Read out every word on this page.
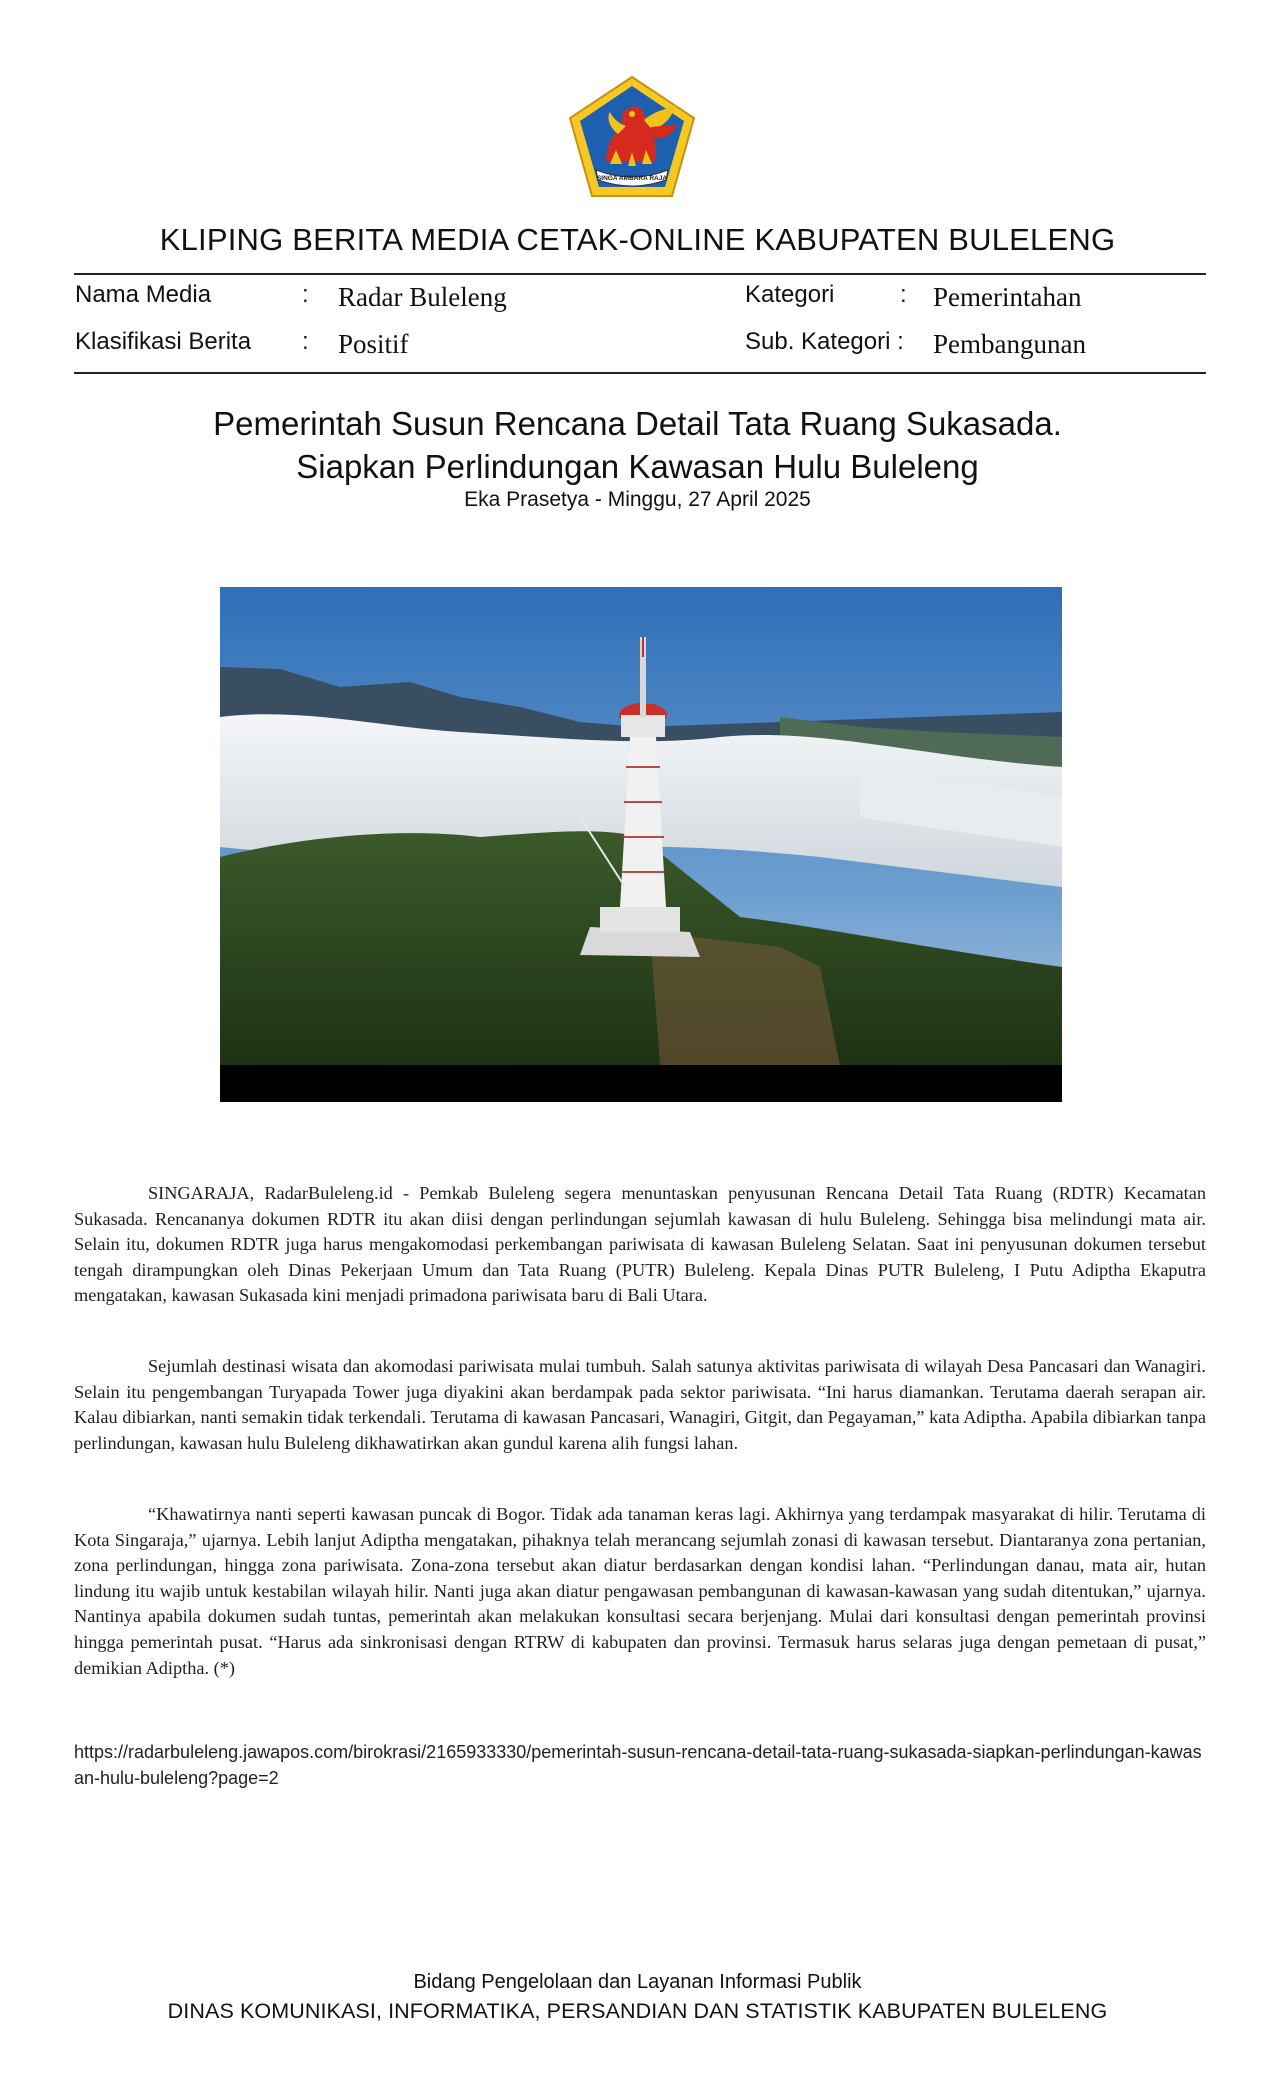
SINGA AMBARA RAJA
KLIPING BERITA MEDIA CETAK-ONLINE KABUPATEN BULELENG
Nama Media	: Radar Buleleng	Kategori	: Pemerintahan
Klasifikasi Berita : Positif	Sub. Kategori : Pembangunan
Pemerintah Susun Rencana Detail Tata Ruang Sukasada.
Siapkan Perlindungan Kawasan Hulu Buleleng
Eka Prasetya - Minggu, 27 April 2025

SINGARAJA, RadarBuleleng.id - Pemkab Buleleng segera menuntaskan penyusunan Rencana Detail Tata Ruang (RDTR) Kecamatan Sukasada. Rencananya dokumen RDTR itu akan diisi dengan perlindungan sejumlah kawasan di hulu Buleleng. Sehingga bisa melindungi mata air. Selain itu, dokumen RDTR juga harus mengakomodasi perkembangan pariwisata di kawasan Buleleng Selatan. Saat ini penyusunan dokumen tersebut tengah dirampungkan oleh Dinas Pekerjaan Umum dan Tata Ruang (PUTR) Buleleng. Kepala Dinas PUTR Buleleng, I Putu Adiptha Ekaputra mengatakan, kawasan Sukasada kini menjadi primadona pariwisata baru di Bali Utara.

Sejumlah destinasi wisata dan akomodasi pariwisata mulai tumbuh. Salah satunya aktivitas pariwisata di wilayah Desa Pancasari dan Wanagiri. Selain itu pengembangan Turyapada Tower juga diyakini akan berdampak pada sektor pariwisata. “Ini harus diamankan. Terutama daerah serapan air. Kalau dibiarkan, nanti semakin tidak terkendali. Terutama di kawasan Pancasari, Wanagiri, Gitgit, dan Pegayaman,” kata Adiptha. Apabila dibiarkan tanpa perlindungan, kawasan hulu Buleleng dikhawatirkan akan gundul karena alih fungsi lahan.

“Khawatirnya nanti seperti kawasan puncak di Bogor. Tidak ada tanaman keras lagi. Akhirnya yang terdampak masyarakat di hilir. Terutama di Kota Singaraja,” ujarnya. Lebih lanjut Adiptha mengatakan, pihaknya telah merancang sejumlah zonasi di kawasan tersebut. Diantaranya zona pertanian, zona perlindungan, hingga zona pariwisata. Zona-zona tersebut akan diatur berdasarkan dengan kondisi lahan. “Perlindungan danau, mata air, hutan lindung itu wajib untuk kestabilan wilayah hilir. Nanti juga akan diatur pengawasan pembangunan di kawasan-kawasan yang sudah ditentukan,” ujarnya. Nantinya apabila dokumen sudah tuntas, pemerintah akan melakukan konsultasi secara berjenjang. Mulai dari konsultasi dengan pemerintah provinsi hingga pemerintah pusat. “Harus ada sinkronisasi dengan RTRW di kabupaten dan provinsi. Termasuk harus selaras juga dengan pemetaan di pusat,” demikian Adiptha. (*)

https://radarbuleleng.jawapos.com/birokrasi/2165933330/pemerintah-susun-rencana-detail-tata-ruang-sukasada-siapkan-perlindungan-kawasan-hulu-buleleng?page=2
Bidang Pengelolaan dan Layanan Informasi Publik
DINAS KOMUNIKASI, INFORMATIKA, PERSANDIAN DAN STATISTIK KABUPATEN BULELENG
